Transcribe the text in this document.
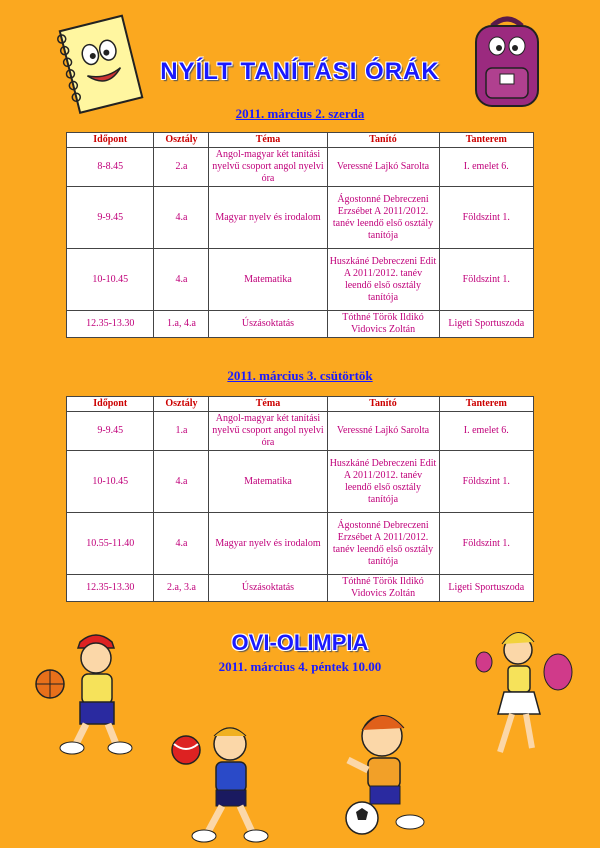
NYÍLT TANÍTÁSI ÓRÁK
2011. március 2. szerda
Időpont	Osztály	Téma	Tanító	Tanterem
8-8.45	2.a	Angol-magyar két tanítási nyelvű csoport angol nyelvi óra	Veressné Lajkó Sarolta	I. emelet 6.
9-9.45	4.a	Magyar nyelv és irodalom	Ágostonné Debreczeni Erzsébet A 2011/2012. tanév leendő első osztály tanítója	Földszint 1.
10-10.45	4.a	Matematika	Huszkáné Debreczeni Edit A 2011/2012. tanév leendő első osztály tanítója	Földszint 1.
12.35-13.30	1.a, 4.a	Úszásoktatás	Tóthné Török Ildikó Vidovics Zoltán	Ligeti Sportuszoda
2011. március 3. csütörtök
Időpont	Osztály	Téma	Tanító	Tanterem
9-9.45	1.a	Angol-magyar két tanítási nyelvű csoport angol nyelvi óra	Veressné Lajkó Sarolta	I. emelet 6.
10-10.45	4.a	Matematika	Huszkáné Debreczeni Edit A 2011/2012. tanév leendő első osztály tanítója	Földszint 1.
10.55-11.40	4.a	Magyar nyelv és irodalom	Ágostonné Debreczeni Erzsébet A 2011/2012. tanév leendő első osztály tanítója	Földszint 1.
12.35-13.30	2.a, 3.a	Úszásoktatás	Tóthné Török Ildikó Vidovics Zoltán	Ligeti Sportuszoda
OVI-OLIMPIA
2011. március 4. péntek 10.00
